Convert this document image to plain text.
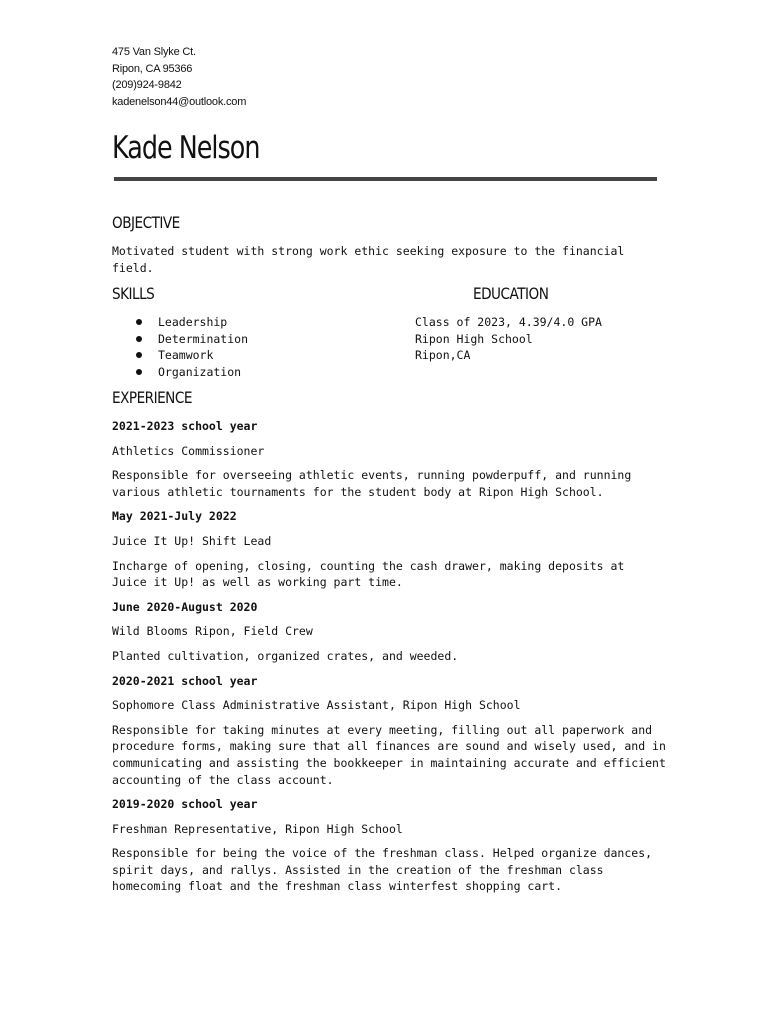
475 Van Slyke Ct.
Ripon, CA 95366
(209)924-9842
kadenelson44@outlook.com
Kade Nelson
OBJECTIVE
Motivated student with strong work ethic seeking exposure to the financial
field.
SKILLS	EDUCATION
Leadership
Determination
Teamwork
Organization
Class of 2023, 4.39/4.0 GPA
Ripon High School
Ripon,CA
EXPERIENCE
2021-2023 school year
Athletics Commissioner
Responsible for overseeing athletic events, running powderpuff, and running
various athletic tournaments for the student body at Ripon High School.
May 2021-July 2022
Juice It Up! Shift Lead
Incharge of opening, closing, counting the cash drawer, making deposits at
Juice it Up! as well as working part time.
June 2020-August 2020
Wild Blooms Ripon, Field Crew
Planted cultivation, organized crates, and weeded.
2020-2021 school year
Sophomore Class Administrative Assistant, Ripon High School
Responsible for taking minutes at every meeting, filling out all paperwork and
procedure forms, making sure that all finances are sound and wisely used, and in
communicating and assisting the bookkeeper in maintaining accurate and efficient
accounting of the class account.
2019-2020 school year
Freshman Representative, Ripon High School
Responsible for being the voice of the freshman class. Helped organize dances,
spirit days, and rallys. Assisted in the creation of the freshman class
homecoming float and the freshman class winterfest shopping cart.
